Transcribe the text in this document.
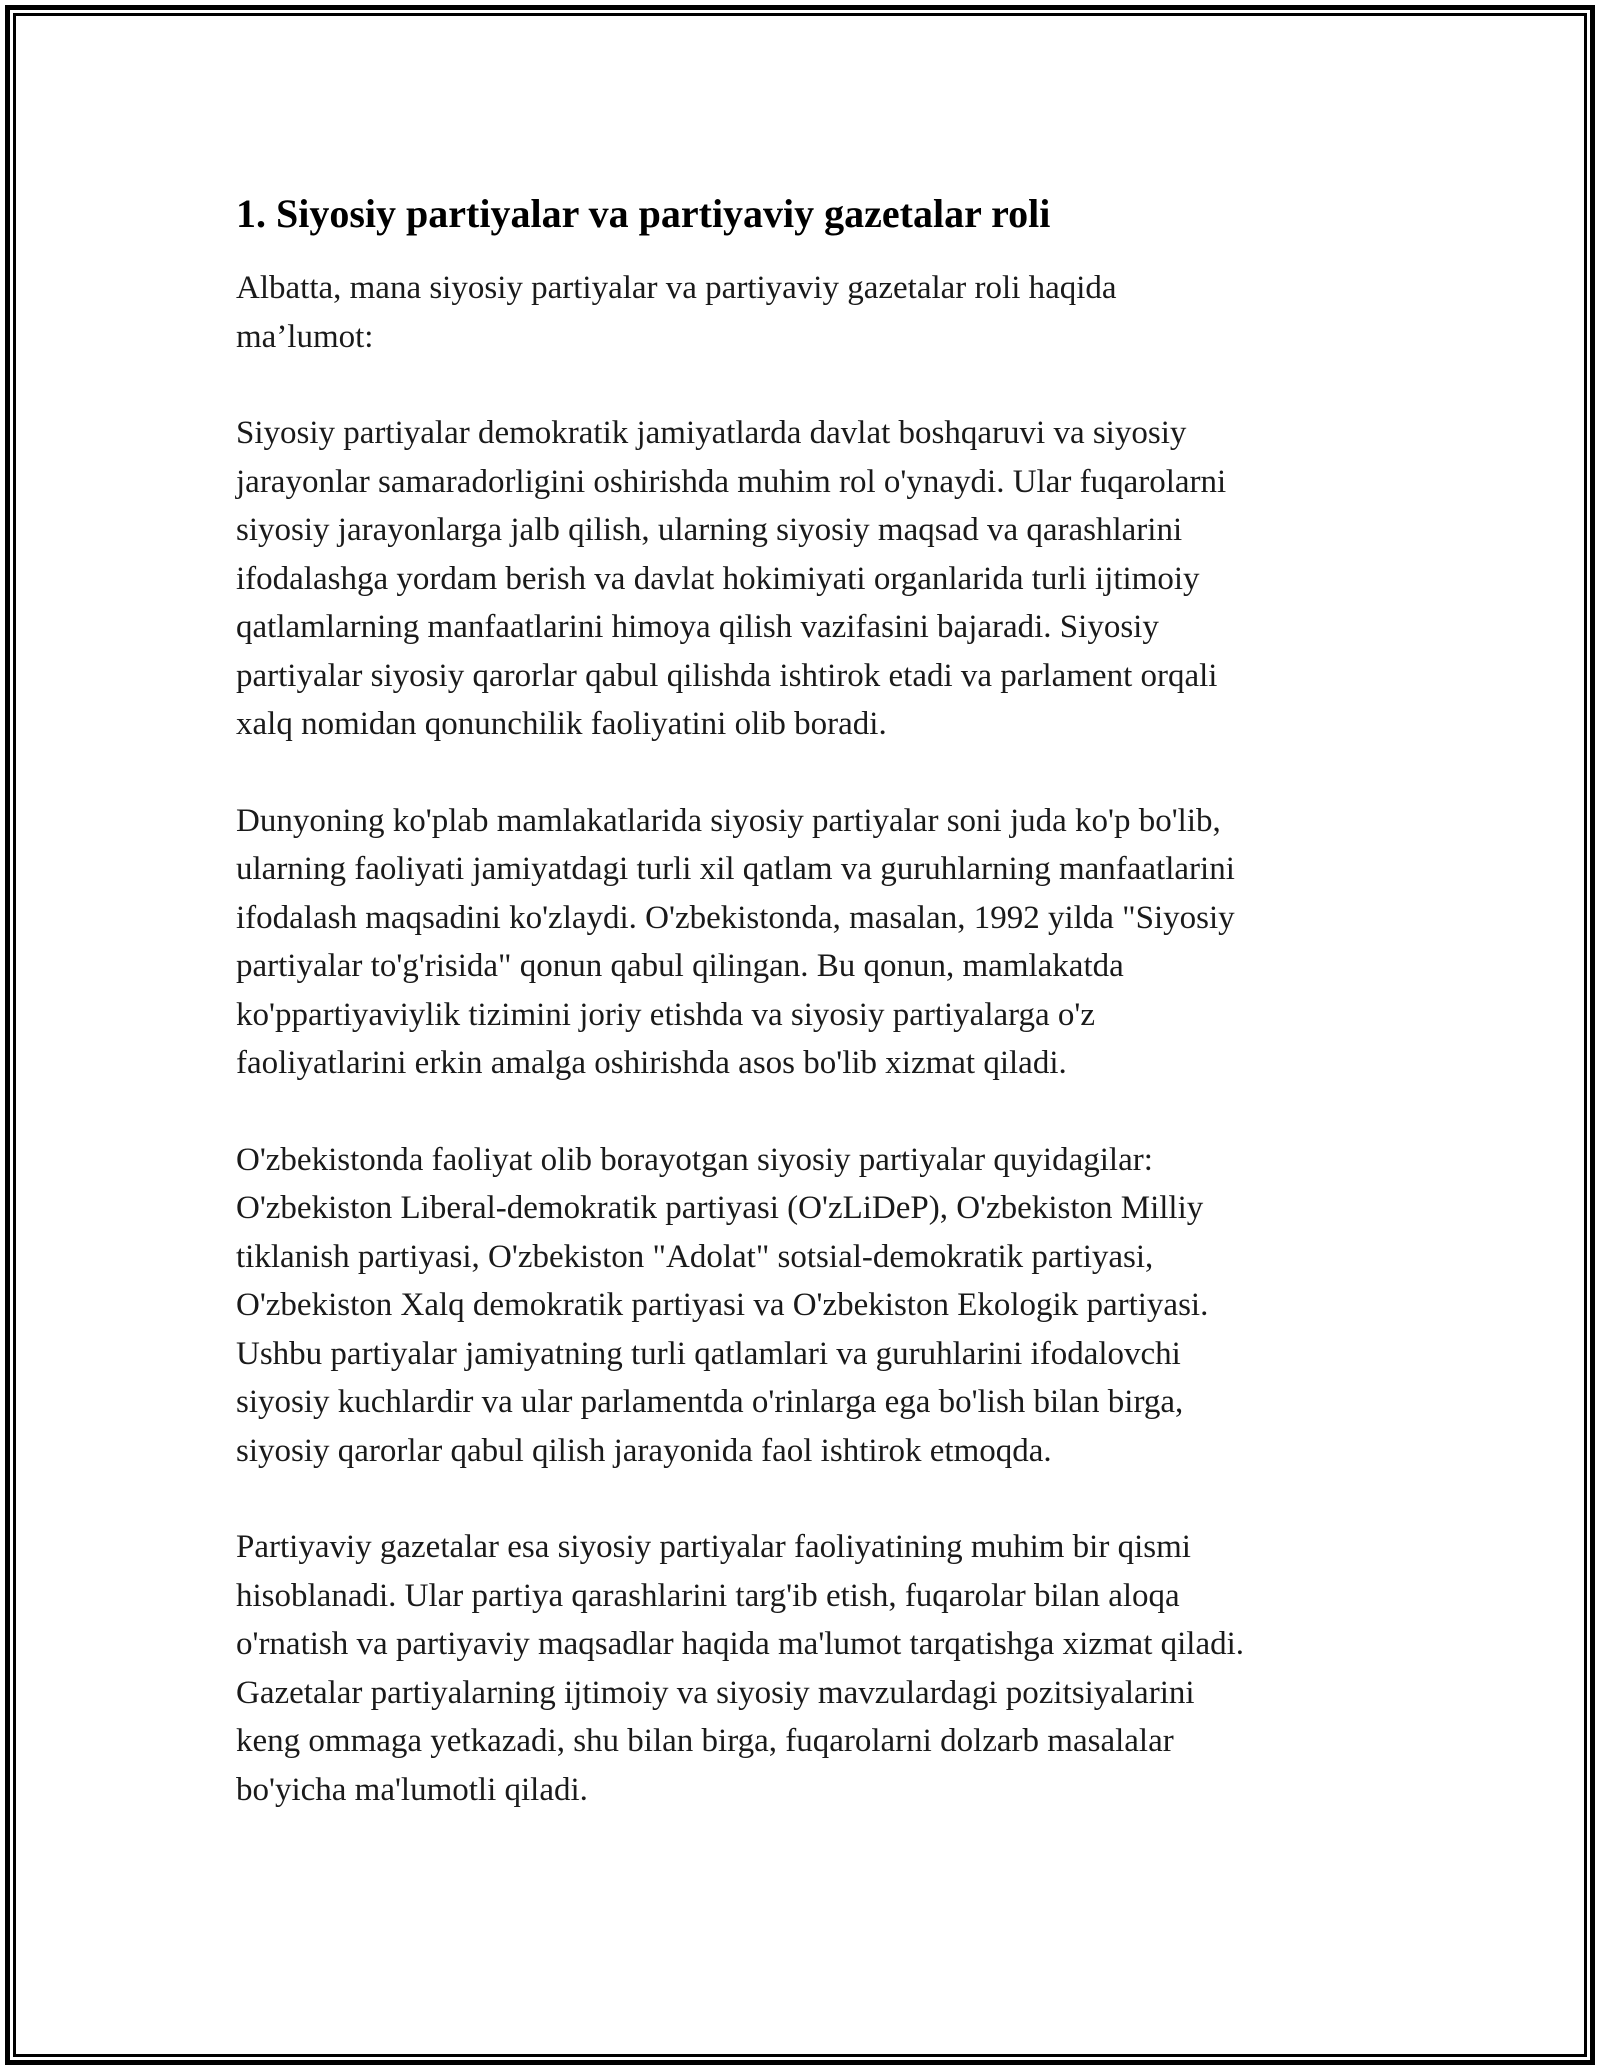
1. Siyosiy partiyalar va partiyaviy gazetalar roli

Albatta, mana siyosiy partiyalar va partiyaviy gazetalar roli haqida
ma’lumot:

Siyosiy partiyalar demokratik jamiyatlarda davlat boshqaruvi va siyosiy
jarayonlar samaradorligini oshirishda muhim rol o'ynaydi. Ular fuqarolarni
siyosiy jarayonlarga jalb qilish, ularning siyosiy maqsad va qarashlarini
ifodalashga yordam berish va davlat hokimiyati organlarida turli ijtimoiy
qatlamlarning manfaatlarini himoya qilish vazifasini bajaradi. Siyosiy
partiyalar siyosiy qarorlar qabul qilishda ishtirok etadi va parlament orqali
xalq nomidan qonunchilik faoliyatini olib boradi.

Dunyoning ko'plab mamlakatlarida siyosiy partiyalar soni juda ko'p bo'lib,
ularning faoliyati jamiyatdagi turli xil qatlam va guruhlarning manfaatlarini
ifodalash maqsadini ko'zlaydi. O'zbekistonda, masalan, 1992 yilda "Siyosiy
partiyalar to'g'risida" qonun qabul qilingan. Bu qonun, mamlakatda
ko'ppartiyaviylik tizimini joriy etishda va siyosiy partiyalarga o'z
faoliyatlarini erkin amalga oshirishda asos bo'lib xizmat qiladi.

O'zbekistonda faoliyat olib borayotgan siyosiy partiyalar quyidagilar:
O'zbekiston Liberal-demokratik partiyasi (O'zLiDeP), O'zbekiston Milliy
tiklanish partiyasi, O'zbekiston "Adolat" sotsial-demokratik partiyasi,
O'zbekiston Xalq demokratik partiyasi va O'zbekiston Ekologik partiyasi.
Ushbu partiyalar jamiyatning turli qatlamlari va guruhlarini ifodalovchi
siyosiy kuchlardir va ular parlamentda o'rinlarga ega bo'lish bilan birga,
siyosiy qarorlar qabul qilish jarayonida faol ishtirok etmoqda.

Partiyaviy gazetalar esa siyosiy partiyalar faoliyatining muhim bir qismi
hisoblanadi. Ular partiya qarashlarini targ'ib etish, fuqarolar bilan aloqa
o'rnatish va partiyaviy maqsadlar haqida ma'lumot tarqatishga xizmat qiladi.
Gazetalar partiyalarning ijtimoiy va siyosiy mavzulardagi pozitsiyalarini
keng ommaga yetkazadi, shu bilan birga, fuqarolarni dolzarb masalalar
bo'yicha ma'lumotli qiladi.
